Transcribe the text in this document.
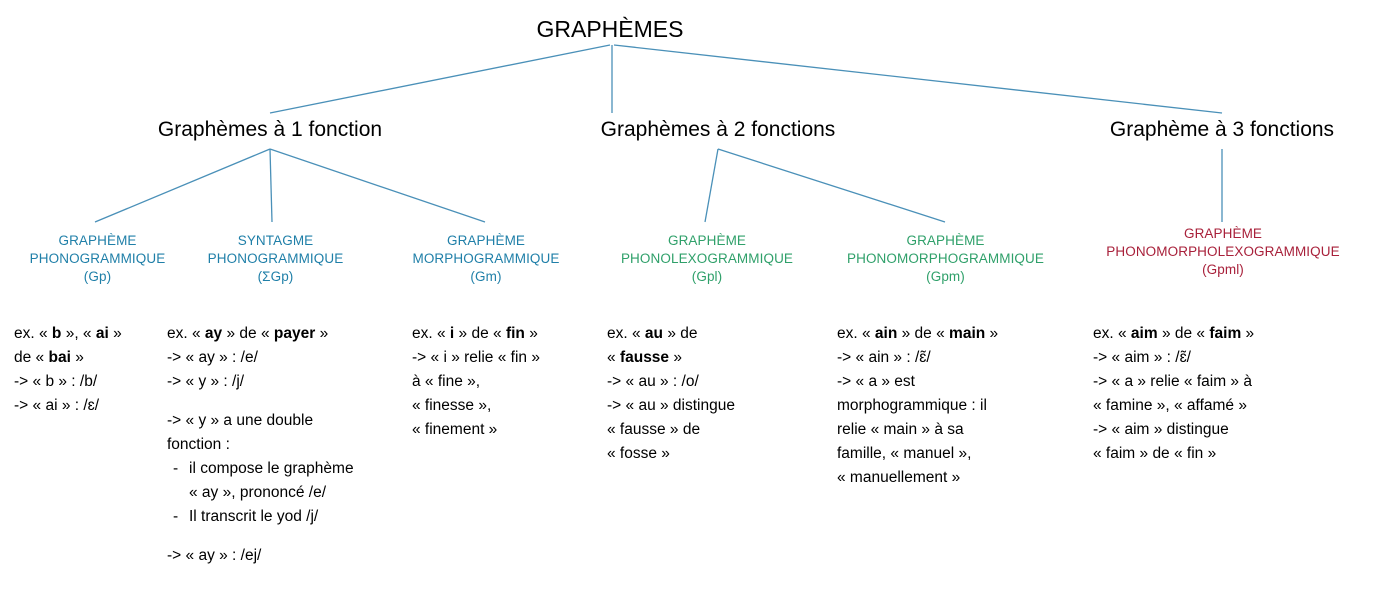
GRAPHÈMES
Graphèmes à 1 fonction	Graphèmes à 2 fonctions	Graphème à 3 fonctions
GRAPHÈME
PHONOGRAMMIQUE
(Gp)
SYNTAGME
PHONOGRAMMIQUE
(ΣGp)
GRAPHÈME
MORPHOGRAMMIQUE
(Gm)
GRAPHÈME
PHONOLEXOGRAMMIQUE
(Gpl)
GRAPHÈME
PHONOMORPHOGRAMMIQUE
(Gpm)
GRAPHÈME
PHONOMORPHOLEXOGRAMMIQUE
(Gpml)
ex. « b », « ai »
de « bai »
-> « b » : /b/
-> « ai » : /ɛ/
ex. « ay » de « payer »
-> « ay » : /e/
-> « y » : /j/
-> « y » a une double
fonction :
- il compose le graphème
« ay », prononcé /e/
- Il transcrit le yod /j/
-> « ay » : /ej/
ex. « i » de « fin »
-> « i » relie « fin »
à « fine »,
« finesse »,
« finement »
ex. « au » de
« fausse »
-> « au » : /o/
-> « au » distingue
« fausse » de
« fosse »
ex. « ain » de « main »
-> « ain » : /ɛ̃/
-> « a » est
morphogrammique : il
relie « main » à sa
famille, « manuel »,
« manuellement »
ex. « aim » de « faim »
-> « aim » : /ɛ̃/
-> « a » relie « faim » à
« famine », « affamé »
-> « aim » distingue
« faim » de « fin »
